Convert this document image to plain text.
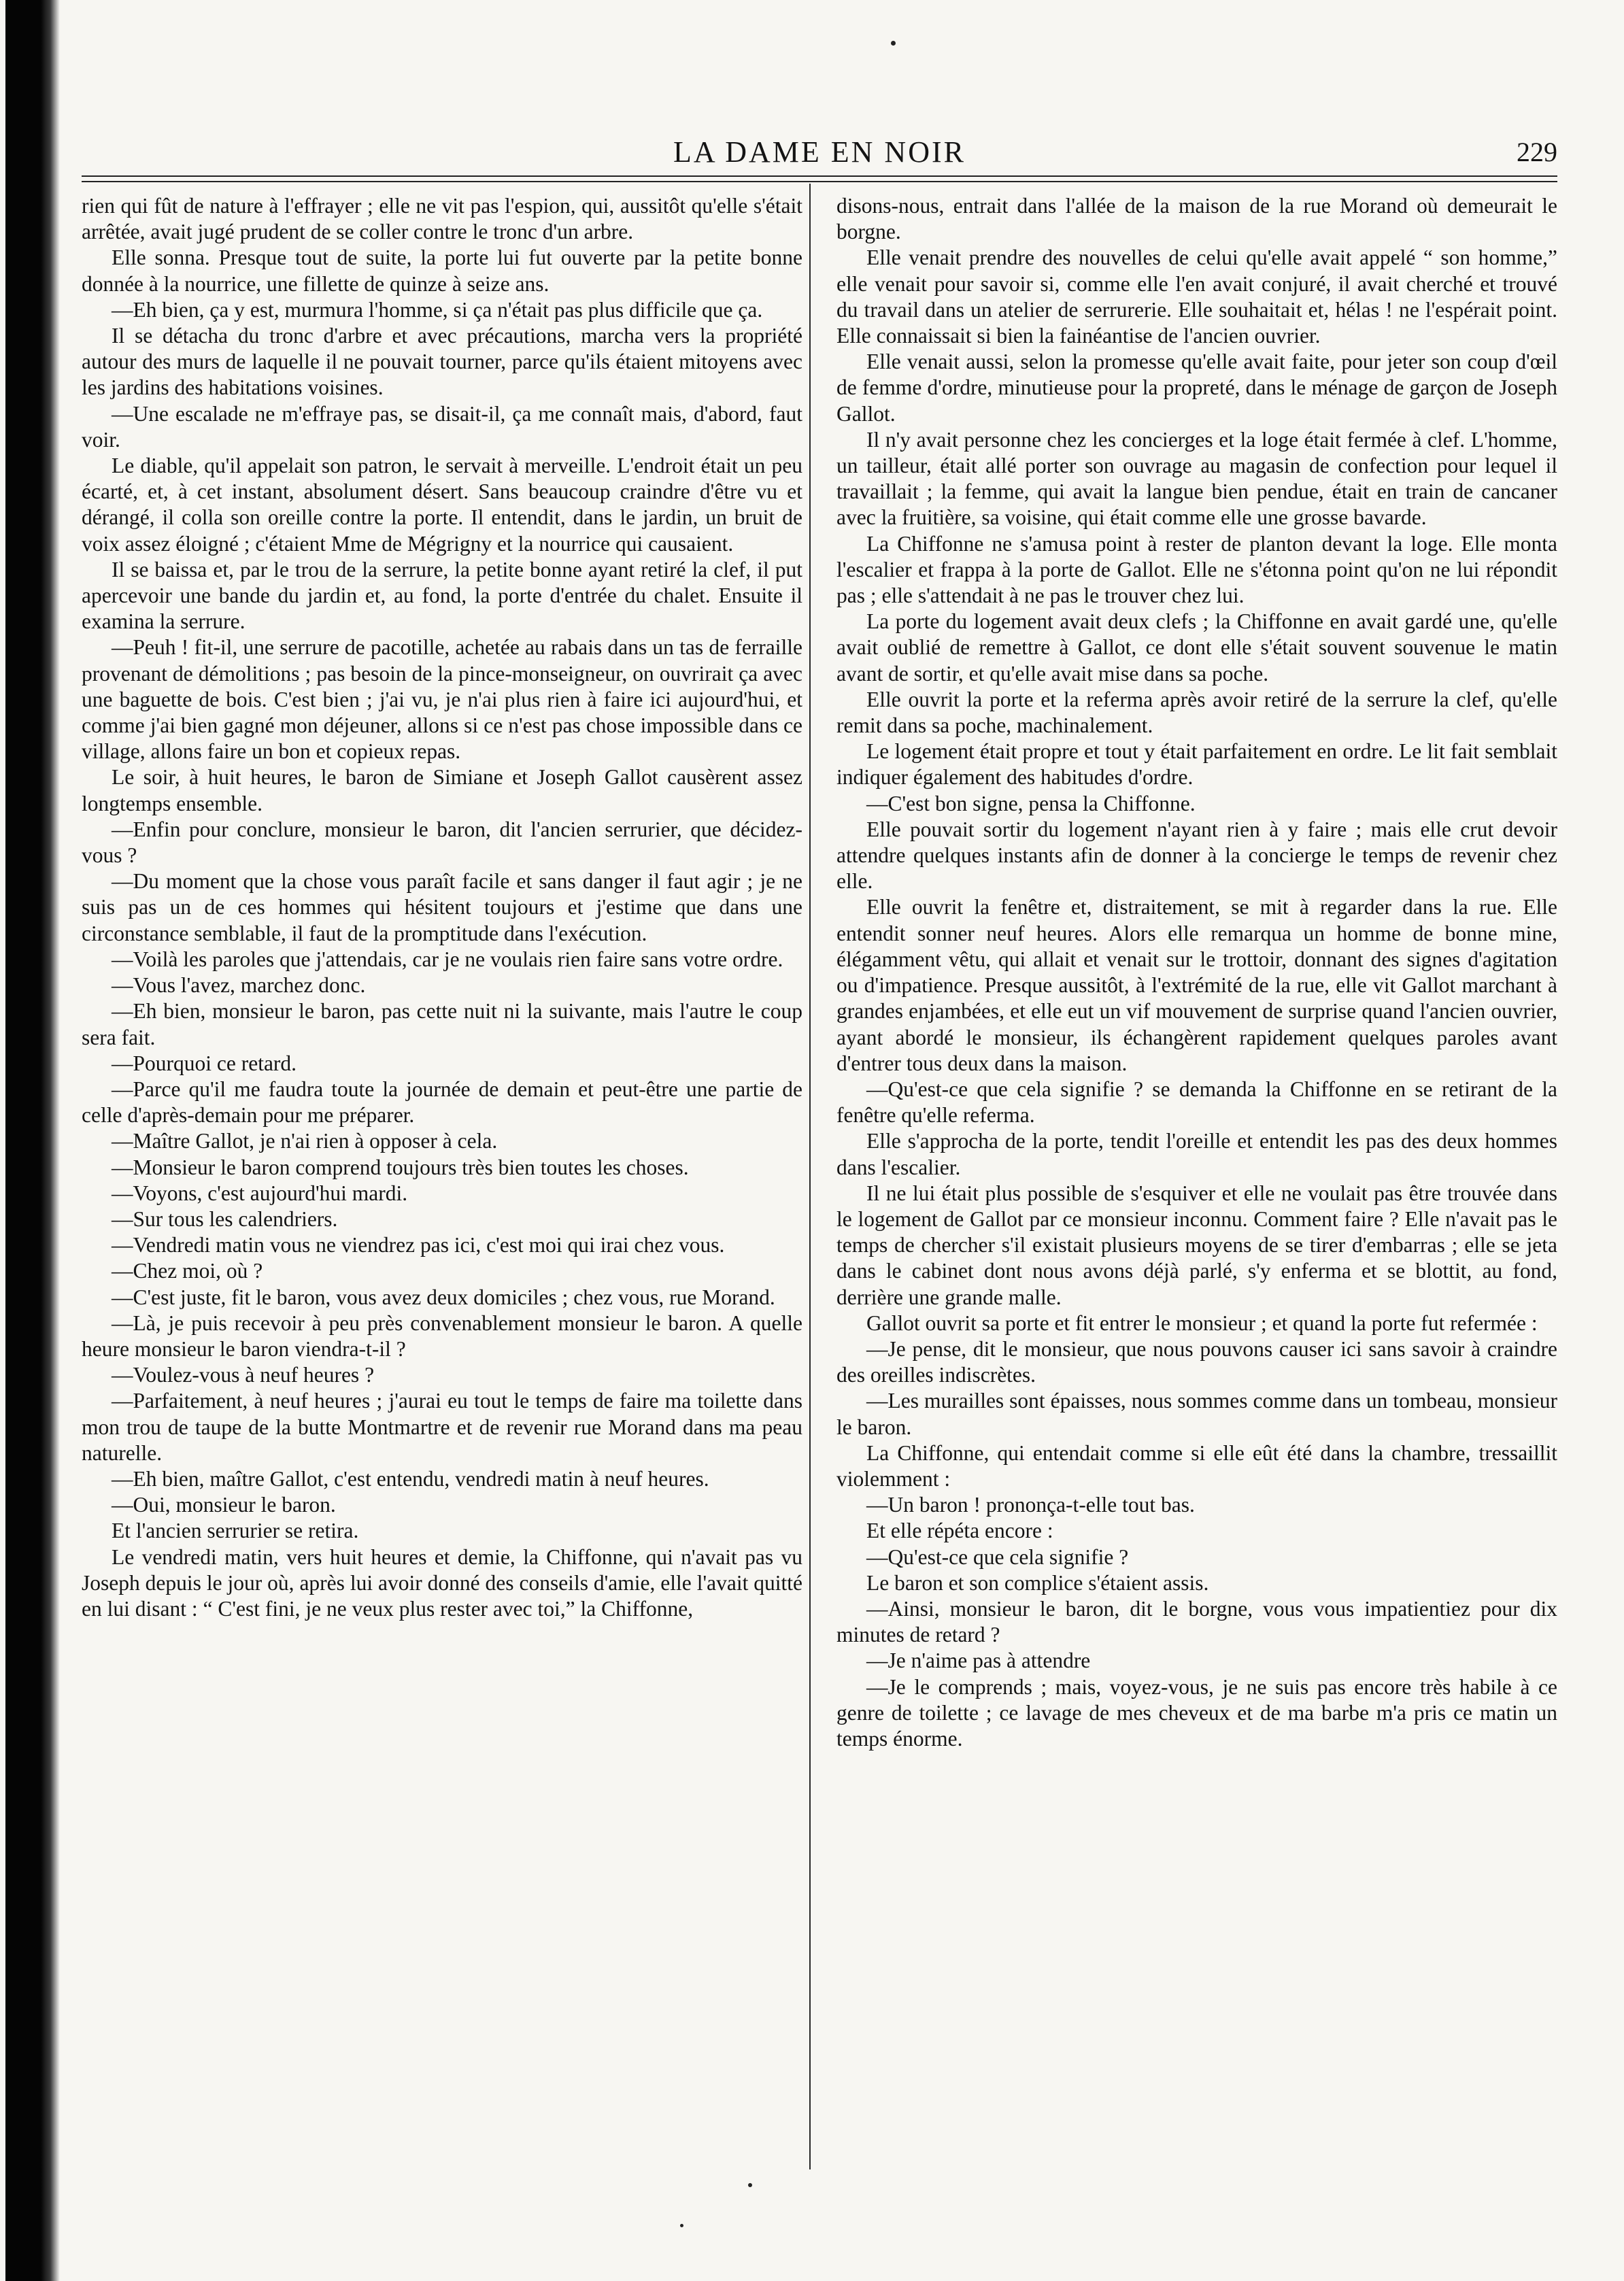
LA DAME EN NOIR	229

rien qui fût de nature à l'effrayer ; elle ne vit pas l'espion, qui, aussitôt qu'elle s'était arrêtée, avait jugé prudent de se coller contre le tronc d'un arbre.

Elle sonna. Presque tout de suite, la porte lui fut ouverte par la petite bonne donnée à la nourrice, une fillette de quinze à seize ans.

—Eh bien, ça y est, murmura l'homme, si ça n'était pas plus difficile que ça.

Il se détacha du tronc d'arbre et avec précautions, marcha vers la propriété autour des murs de laquelle il ne pouvait tourner, parce qu'ils étaient mitoyens avec les jardins des habitations voisines.

—Une escalade ne m'effraye pas, se disait-il, ça me connaît mais, d'abord, faut voir.

Le diable, qu'il appelait son patron, le servait à merveille. L'endroit était un peu écarté, et, à cet instant, absolument désert. Sans beaucoup craindre d'être vu et dérangé, il colla son oreille contre la porte. Il entendit, dans le jardin, un bruit de voix assez éloigné ; c'étaient Mme de Mégrigny et la nourrice qui causaient.

Il se baissa et, par le trou de la serrure, la petite bonne ayant retiré la clef, il put apercevoir une bande du jardin et, au fond, la porte d'entrée du chalet. Ensuite il examina la serrure.

—Peuh ! fit-il, une serrure de pacotille, achetée au rabais dans un tas de ferraille provenant de démolitions ; pas besoin de la pince-monseigneur, on ouvrirait ça avec une baguette de bois. C'est bien ; j'ai vu, je n'ai plus rien à faire ici aujourd'hui, et comme j'ai bien gagné mon déjeuner, allons si ce n'est pas chose impossible dans ce village, allons faire un bon et copieux repas.

Le soir, à huit heures, le baron de Simiane et Joseph Gallot causèrent assez longtemps ensemble.

—Enfin pour conclure, monsieur le baron, dit l'ancien serrurier, que décidez-vous ?

—Du moment que la chose vous paraît facile et sans danger il faut agir ; je ne suis pas un de ces hommes qui hésitent toujours et j'estime que dans une circonstance semblable, il faut de la promptitude dans l'exécution.

—Voilà les paroles que j'attendais, car je ne voulais rien faire sans votre ordre.

—Vous l'avez, marchez donc.

—Eh bien, monsieur le baron, pas cette nuit ni la suivante, mais l'autre le coup sera fait.

—Pourquoi ce retard.

—Parce qu'il me faudra toute la journée de demain et peut-être une partie de celle d'après-demain pour me préparer.

—Maître Gallot, je n'ai rien à opposer à cela.

—Monsieur le baron comprend toujours très bien toutes les choses.

—Voyons, c'est aujourd'hui mardi.

—Sur tous les calendriers.

—Vendredi matin vous ne viendrez pas ici, c'est moi qui irai chez vous.

—Chez moi, où ?

—C'est juste, fit le baron, vous avez deux domiciles ; chez vous, rue Morand.

—Là, je puis recevoir à peu près convenablement monsieur le baron. A quelle heure monsieur le baron viendra-t-il ?

—Voulez-vous à neuf heures ?

—Parfaitement, à neuf heures ; j'aurai eu tout le temps de faire ma toilette dans mon trou de taupe de la butte Montmartre et de revenir rue Morand dans ma peau naturelle.

—Eh bien, maître Gallot, c'est entendu, vendredi matin à neuf heures.

—Oui, monsieur le baron.

Et l'ancien serrurier se retira.

Le vendredi matin, vers huit heures et demie, la Chiffonne, qui n'avait pas vu Joseph depuis le jour où, après lui avoir donné des conseils d'amie, elle l'avait quitté en lui disant : “ C'est fini, je ne veux plus rester avec toi,” la Chiffonne,

disons-nous, entrait dans l'allée de la maison de la rue Morand où demeurait le borgne.

Elle venait prendre des nouvelles de celui qu'elle avait appelé “ son homme,” elle venait pour savoir si, comme elle l'en avait conjuré, il avait cherché et trouvé du travail dans un atelier de serrurerie. Elle souhaitait et, hélas ! ne l'espérait point. Elle connaissait si bien la fainéantise de l'ancien ouvrier.

Elle venait aussi, selon la promesse qu'elle avait faite, pour jeter son coup d'œil de femme d'ordre, minutieuse pour la propreté, dans le ménage de garçon de Joseph Gallot.

Il n'y avait personne chez les concierges et la loge était fermée à clef. L'homme, un tailleur, était allé porter son ouvrage au magasin de confection pour lequel il travaillait ; la femme, qui avait la langue bien pendue, était en train de cancaner avec la fruitière, sa voisine, qui était comme elle une grosse bavarde.

La Chiffonne ne s'amusa point à rester de planton devant la loge. Elle monta l'escalier et frappa à la porte de Gallot. Elle ne s'étonna point qu'on ne lui répondit pas ; elle s'attendait à ne pas le trouver chez lui.

La porte du logement avait deux clefs ; la Chiffonne en avait gardé une, qu'elle avait oublié de remettre à Gallot, ce dont elle s'était souvent souvenue le matin avant de sortir, et qu'elle avait mise dans sa poche.

Elle ouvrit la porte et la referma après avoir retiré de la serrure la clef, qu'elle remit dans sa poche, machinalement.

Le logement était propre et tout y était parfaitement en ordre. Le lit fait semblait indiquer également des habitudes d'ordre.

—C'est bon signe, pensa la Chiffonne.

Elle pouvait sortir du logement n'ayant rien à y faire ; mais elle crut devoir attendre quelques instants afin de donner à la concierge le temps de revenir chez elle.

Elle ouvrit la fenêtre et, distraitement, se mit à regarder dans la rue. Elle entendit sonner neuf heures. Alors elle remarqua un homme de bonne mine, élégamment vêtu, qui allait et venait sur le trottoir, donnant des signes d'agitation ou d'impatience. Presque aussitôt, à l'extrémité de la rue, elle vit Gallot marchant à grandes enjambées, et elle eut un vif mouvement de surprise quand l'ancien ouvrier, ayant abordé le monsieur, ils échangèrent rapidement quelques paroles avant d'entrer tous deux dans la maison.

—Qu'est-ce que cela signifie ? se demanda la Chiffonne en se retirant de la fenêtre qu'elle referma.

Elle s'approcha de la porte, tendit l'oreille et entendit les pas des deux hommes dans l'escalier.

Il ne lui était plus possible de s'esquiver et elle ne voulait pas être trouvée dans le logement de Gallot par ce monsieur inconnu. Comment faire ? Elle n'avait pas le temps de chercher s'il existait plusieurs moyens de se tirer d'embarras ; elle se jeta dans le cabinet dont nous avons déjà parlé, s'y enferma et se blottit, au fond, derrière une grande malle.

Gallot ouvrit sa porte et fit entrer le monsieur ; et quand la porte fut refermée :

—Je pense, dit le monsieur, que nous pouvons causer ici sans savoir à craindre des oreilles indiscrètes.

—Les murailles sont épaisses, nous sommes comme dans un tombeau, monsieur le baron.

La Chiffonne, qui entendait comme si elle eût été dans la chambre, tressaillit violemment :

—Un baron ! prononça-t-elle tout bas.

Et elle répéta encore :

—Qu'est-ce que cela signifie ?

Le baron et son complice s'étaient assis.

—Ainsi, monsieur le baron, dit le borgne, vous vous impatientiez pour dix minutes de retard ?

—Je n'aime pas à attendre

—Je le comprends ; mais, voyez-vous, je ne suis pas encore très habile à ce genre de toilette ; ce lavage de mes cheveux et de ma barbe m'a pris ce matin un temps énorme.
